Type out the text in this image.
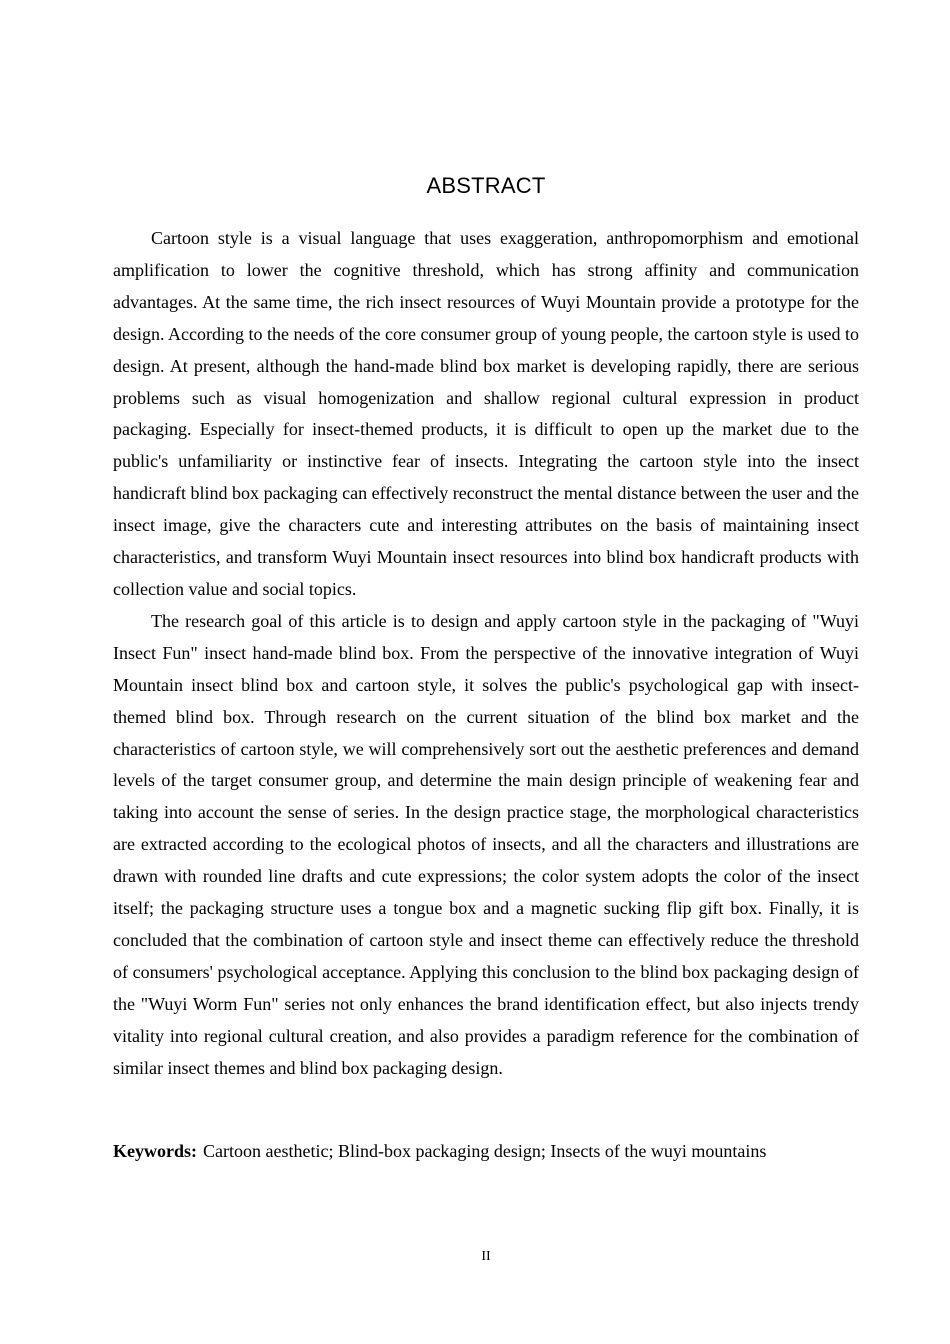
ABSTRACT

Cartoon style is a visual language that uses exaggeration, anthropomorphism and emotional amplification to lower the cognitive threshold, which has strong affinity and communication advantages. At the same time, the rich insect resources of Wuyi Mountain provide a prototype for the design. According to the needs of the core consumer group of young people, the cartoon style is used to design. At present, although the hand-made blind box market is developing rapidly, there are serious problems such as visual homogenization and shallow regional cultural expression in product packaging. Especially for insect-themed products, it is difficult to open up the market due to the public's unfamiliarity or instinctive fear of insects. Integrating the cartoon style into the insect handicraft blind box packaging can effectively reconstruct the mental distance between the user and the insect image, give the characters cute and interesting attributes on the basis of maintaining insect characteristics, and transform Wuyi Mountain insect resources into blind box handicraft products with collection value and social topics.

The research goal of this article is to design and apply cartoon style in the packaging of "Wuyi Insect Fun" insect hand-made blind box. From the perspective of the innovative integration of Wuyi Mountain insect blind box and cartoon style, it solves the public's psychological gap with insect-themed blind box. Through research on the current situation of the blind box market and the characteristics of cartoon style, we will comprehensively sort out the aesthetic preferences and demand levels of the target consumer group, and determine the main design principle of weakening fear and taking into account the sense of series. In the design practice stage, the morphological characteristics are extracted according to the ecological photos of insects, and all the characters and illustrations are drawn with rounded line drafts and cute expressions; the color system adopts the color of the insect itself; the packaging structure uses a tongue box and a magnetic sucking flip gift box. Finally, it is concluded that the combination of cartoon style and insect theme can effectively reduce the threshold of consumers' psychological acceptance. Applying this conclusion to the blind box packaging design of the "Wuyi Worm Fun" series not only enhances the brand identification effect, but also injects trendy vitality into regional cultural creation, and also provides a paradigm reference for the combination of similar insect themes and blind box packaging design.

Keywords: Cartoon aesthetic; Blind-box packaging design; Insects of the wuyi mountains
II
